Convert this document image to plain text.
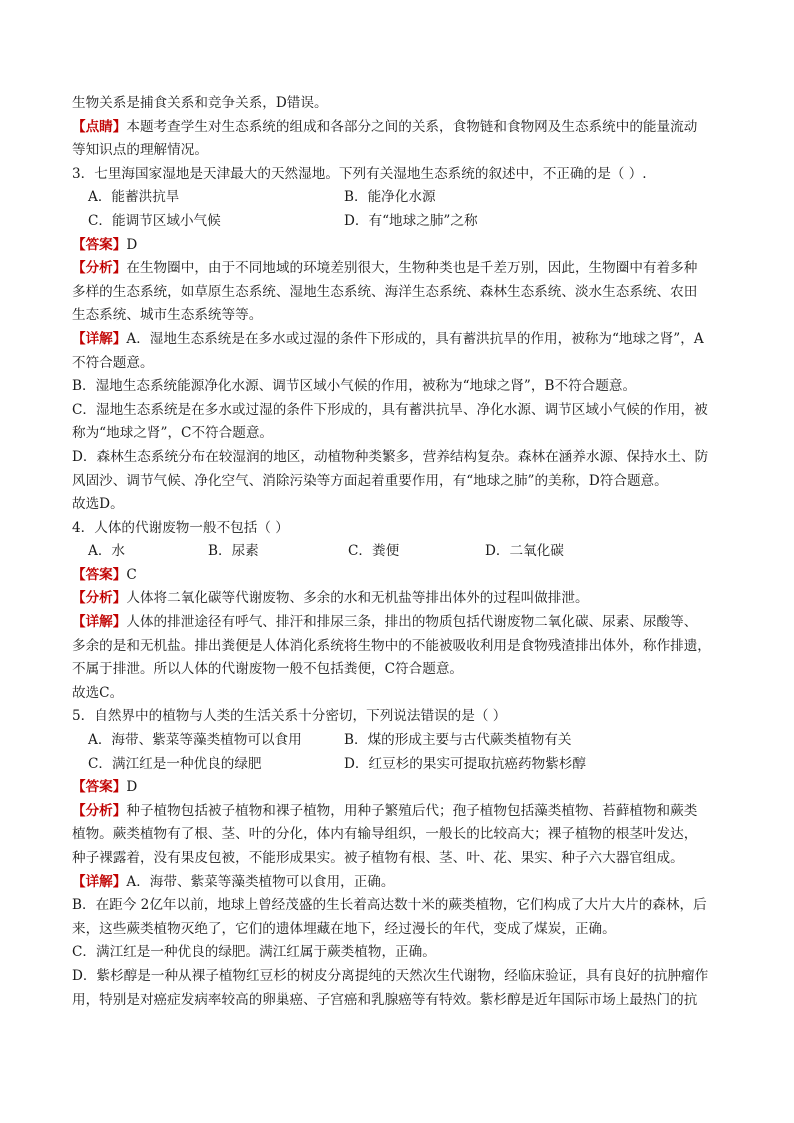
生物关系是捕食关系和竞争关系，D错误。
【点睛】本题考查学生对生态系统的组成和各部分之间的关系，食物链和食物网及生态系统中的能量流动
等知识点的理解情况。
3．七里海国家湿地是天津最大的天然湿地。下列有关湿地生态系统的叙述中，不正确的是（ ）.
A．能蓄洪抗旱	B．能净化水源
C．能调节区域小气候	D．有“地球之肺”之称
【答案】D
【分析】在生物圈中，由于不同地域的环境差别很大，生物种类也是千差万别，因此，生物圈中有着多种
多样的生态系统，如草原生态系统、湿地生态系统、海洋生态系统、森林生态系统、淡水生态系统、农田
生态系统、城市生态系统等等。
【详解】A．湿地生态系统是在多水或过湿的条件下形成的，具有蓄洪抗旱的作用，被称为“地球之肾”，A
不符合题意。
B．湿地生态系统能源净化水源、调节区域小气候的作用，被称为“地球之肾”，B不符合题意。
C．湿地生态系统是在多水或过湿的条件下形成的，具有蓄洪抗旱、净化水源、调节区域小气候的作用，被
称为“地球之肾”，C不符合题意。
D．森林生态系统分布在较湿润的地区，动植物种类繁多，营养结构复杂。森林在涵养水源、保持水土、防
风固沙、调节气候、净化空气、消除污染等方面起着重要作用，有“地球之肺”的美称，D符合题意。
故选D。
4．人体的代谢废物一般不包括（ ）
A．水	B．尿素	C．粪便	D．二氧化碳
【答案】C
【分析】人体将二氧化碳等代谢废物、多余的水和无机盐等排出体外的过程叫做排泄。
【详解】人体的排泄途径有呼气、排汗和排尿三条，排出的物质包括代谢废物二氧化碳、尿素、尿酸等、
多余的是和无机盐。排出粪便是人体消化系统将生物中的不能被吸收利用是食物残渣排出体外，称作排遗，
不属于排泄。所以人体的代谢废物一般不包括粪便，C符合题意。
故选C。
5．自然界中的植物与人类的生活关系十分密切，下列说法错误的是（ ）
A．海带、紫菜等藻类植物可以食用	B．煤的形成主要与古代蕨类植物有关
C．满江红是一种优良的绿肥	D．红豆杉的果实可提取抗癌药物紫杉醇
【答案】D
【分析】种子植物包括被子植物和裸子植物，用种子繁殖后代；孢子植物包括藻类植物、苔藓植物和蕨类
植物。蕨类植物有了根、茎、叶的分化，体内有输导组织，一般长的比较高大；裸子植物的根茎叶发达，
种子裸露着，没有果皮包被，不能形成果实。被子植物有根、茎、叶、花、果实、种子六大器官组成。
【详解】A．海带、紫菜等藻类植物可以食用，正确。
B．在距今 2亿年以前，地球上曾经茂盛的生长着高达数十米的蕨类植物，它们构成了大片大片的森林，后
来，这些蕨类植物灭绝了，它们的遗体埋藏在地下，经过漫长的年代，变成了煤炭，正确。
C．满江红是一种优良的绿肥。满江红属于蕨类植物，正确。
D．紫杉醇是一种从裸子植物红豆杉的树皮分离提纯的天然次生代谢物，经临床验证，具有良好的抗肿瘤作
用，特别是对癌症发病率较高的卵巢癌、子宫癌和乳腺癌等有特效。紫杉醇是近年国际市场上最热门的抗
